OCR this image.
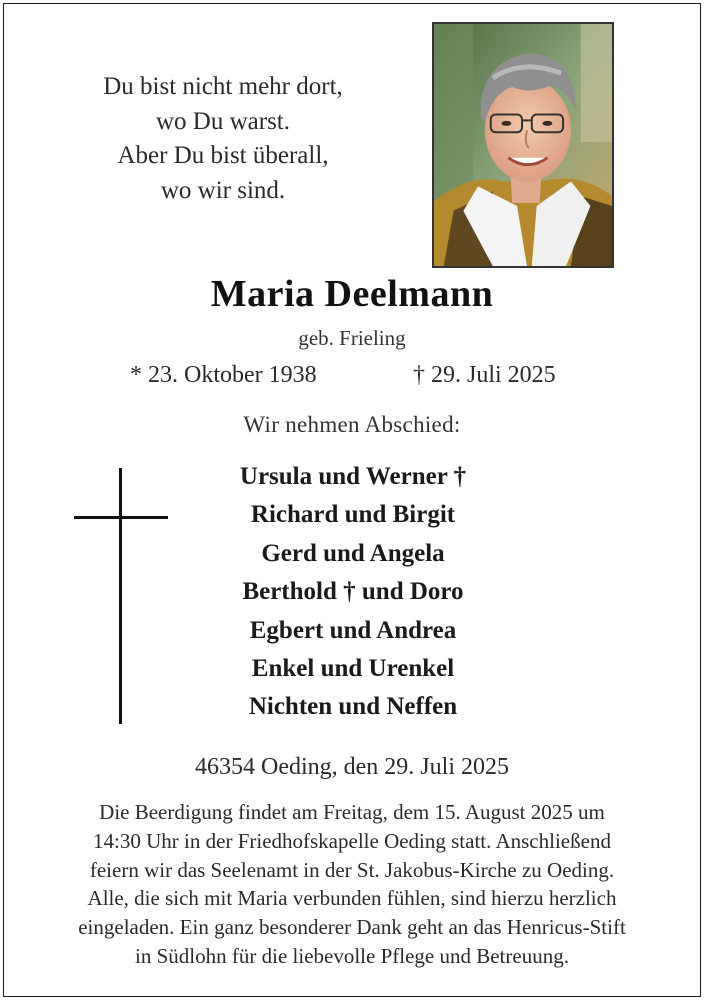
Du bist nicht mehr dort,
wo Du warst.
Aber Du bist überall,
wo wir sind.
Maria Deelmann
geb. Frieling
* 23. Oktober 1938	† 29. Juli 2025
Wir nehmen Abschied:
Ursula und Werner †
Richard und Birgit
Gerd und Angela
Berthold † und Doro
Egbert und Andrea
Enkel und Urenkel
Nichten und Neffen
46354 Oeding, den 29. Juli 2025
Die Beerdigung findet am Freitag, dem 15. August 2025 um
14:30 Uhr in der Friedhofskapelle Oeding statt. Anschließend
feiern wir das Seelenamt in der St. Jakobus-Kirche zu Oeding.
Alle, die sich mit Maria verbunden fühlen, sind hierzu herzlich
eingeladen. Ein ganz besonderer Dank geht an das Henricus-Stift
in Südlohn für die liebevolle Pflege und Betreuung.
